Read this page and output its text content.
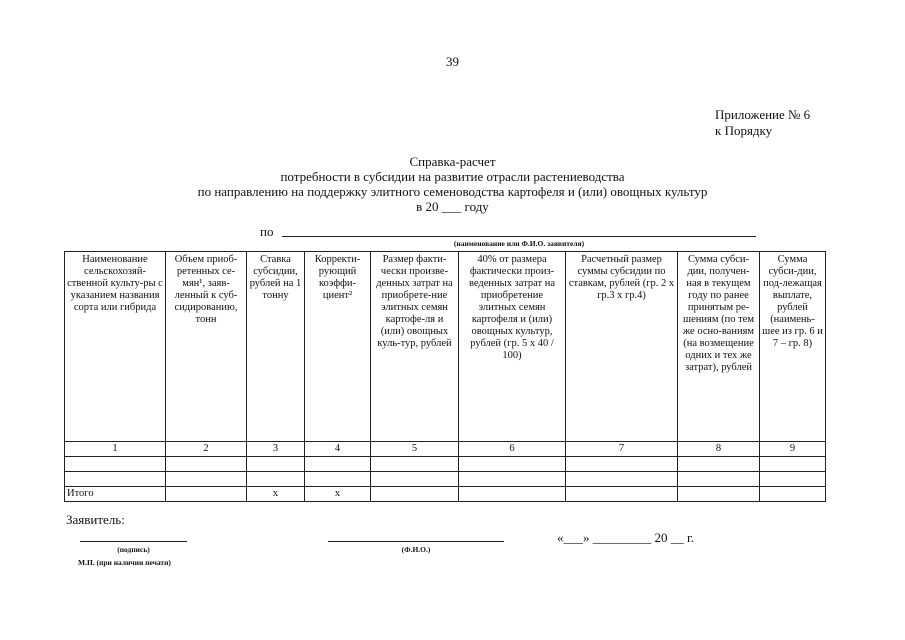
39
Приложение № 6
к Порядку
Справка-расчет
потребности в субсидии на развитие отрасли растениеводства
по направлению на поддержку элитного семеноводства картофеля и (или) овощных культур
в 20 ___ году
по
(наименование или Ф.И.О. заявителя)
Наименование сельскохозяй-ственной культу-ры с указанием названия сорта или гибрида	Объем приоб-ретенных се-мян¹, заяв-ленный к суб-сидированию, тонн	Ставка субсидии, рублей на 1 тонну	Корректи-рующий коэффи-циент²	Размер факти-чески произве-денных затрат на приобрете-ние элитных семян картофе-ля и (или) овощных куль-тур, рублей	40% от размера фактически произ-веденных затрат на приобретение элитных семян картофеля и (или) овощных культур, рублей (гр. 5 х 40 / 100)	Расчетный размер суммы субсидии по ставкам, рублей (гр. 2 х гр.3 х гр.4)	Сумма субси-дии, получен-ная в текущем году по ранее принятым ре-шениям (по тем же осно-ваниям (на возмещение одних и тех же затрат), рублей	Сумма субси-дии, под-лежащая выплате, рублей (наимень-шее из гр. 6 и 7 – гр. 8)
1	2	3	4	5	6	7	8	9

Итого		х	х					
Заявитель:
(подпись)	(Ф.И.О.)
М.П. (при наличии печати)
«___» _________ 20 __ г.
